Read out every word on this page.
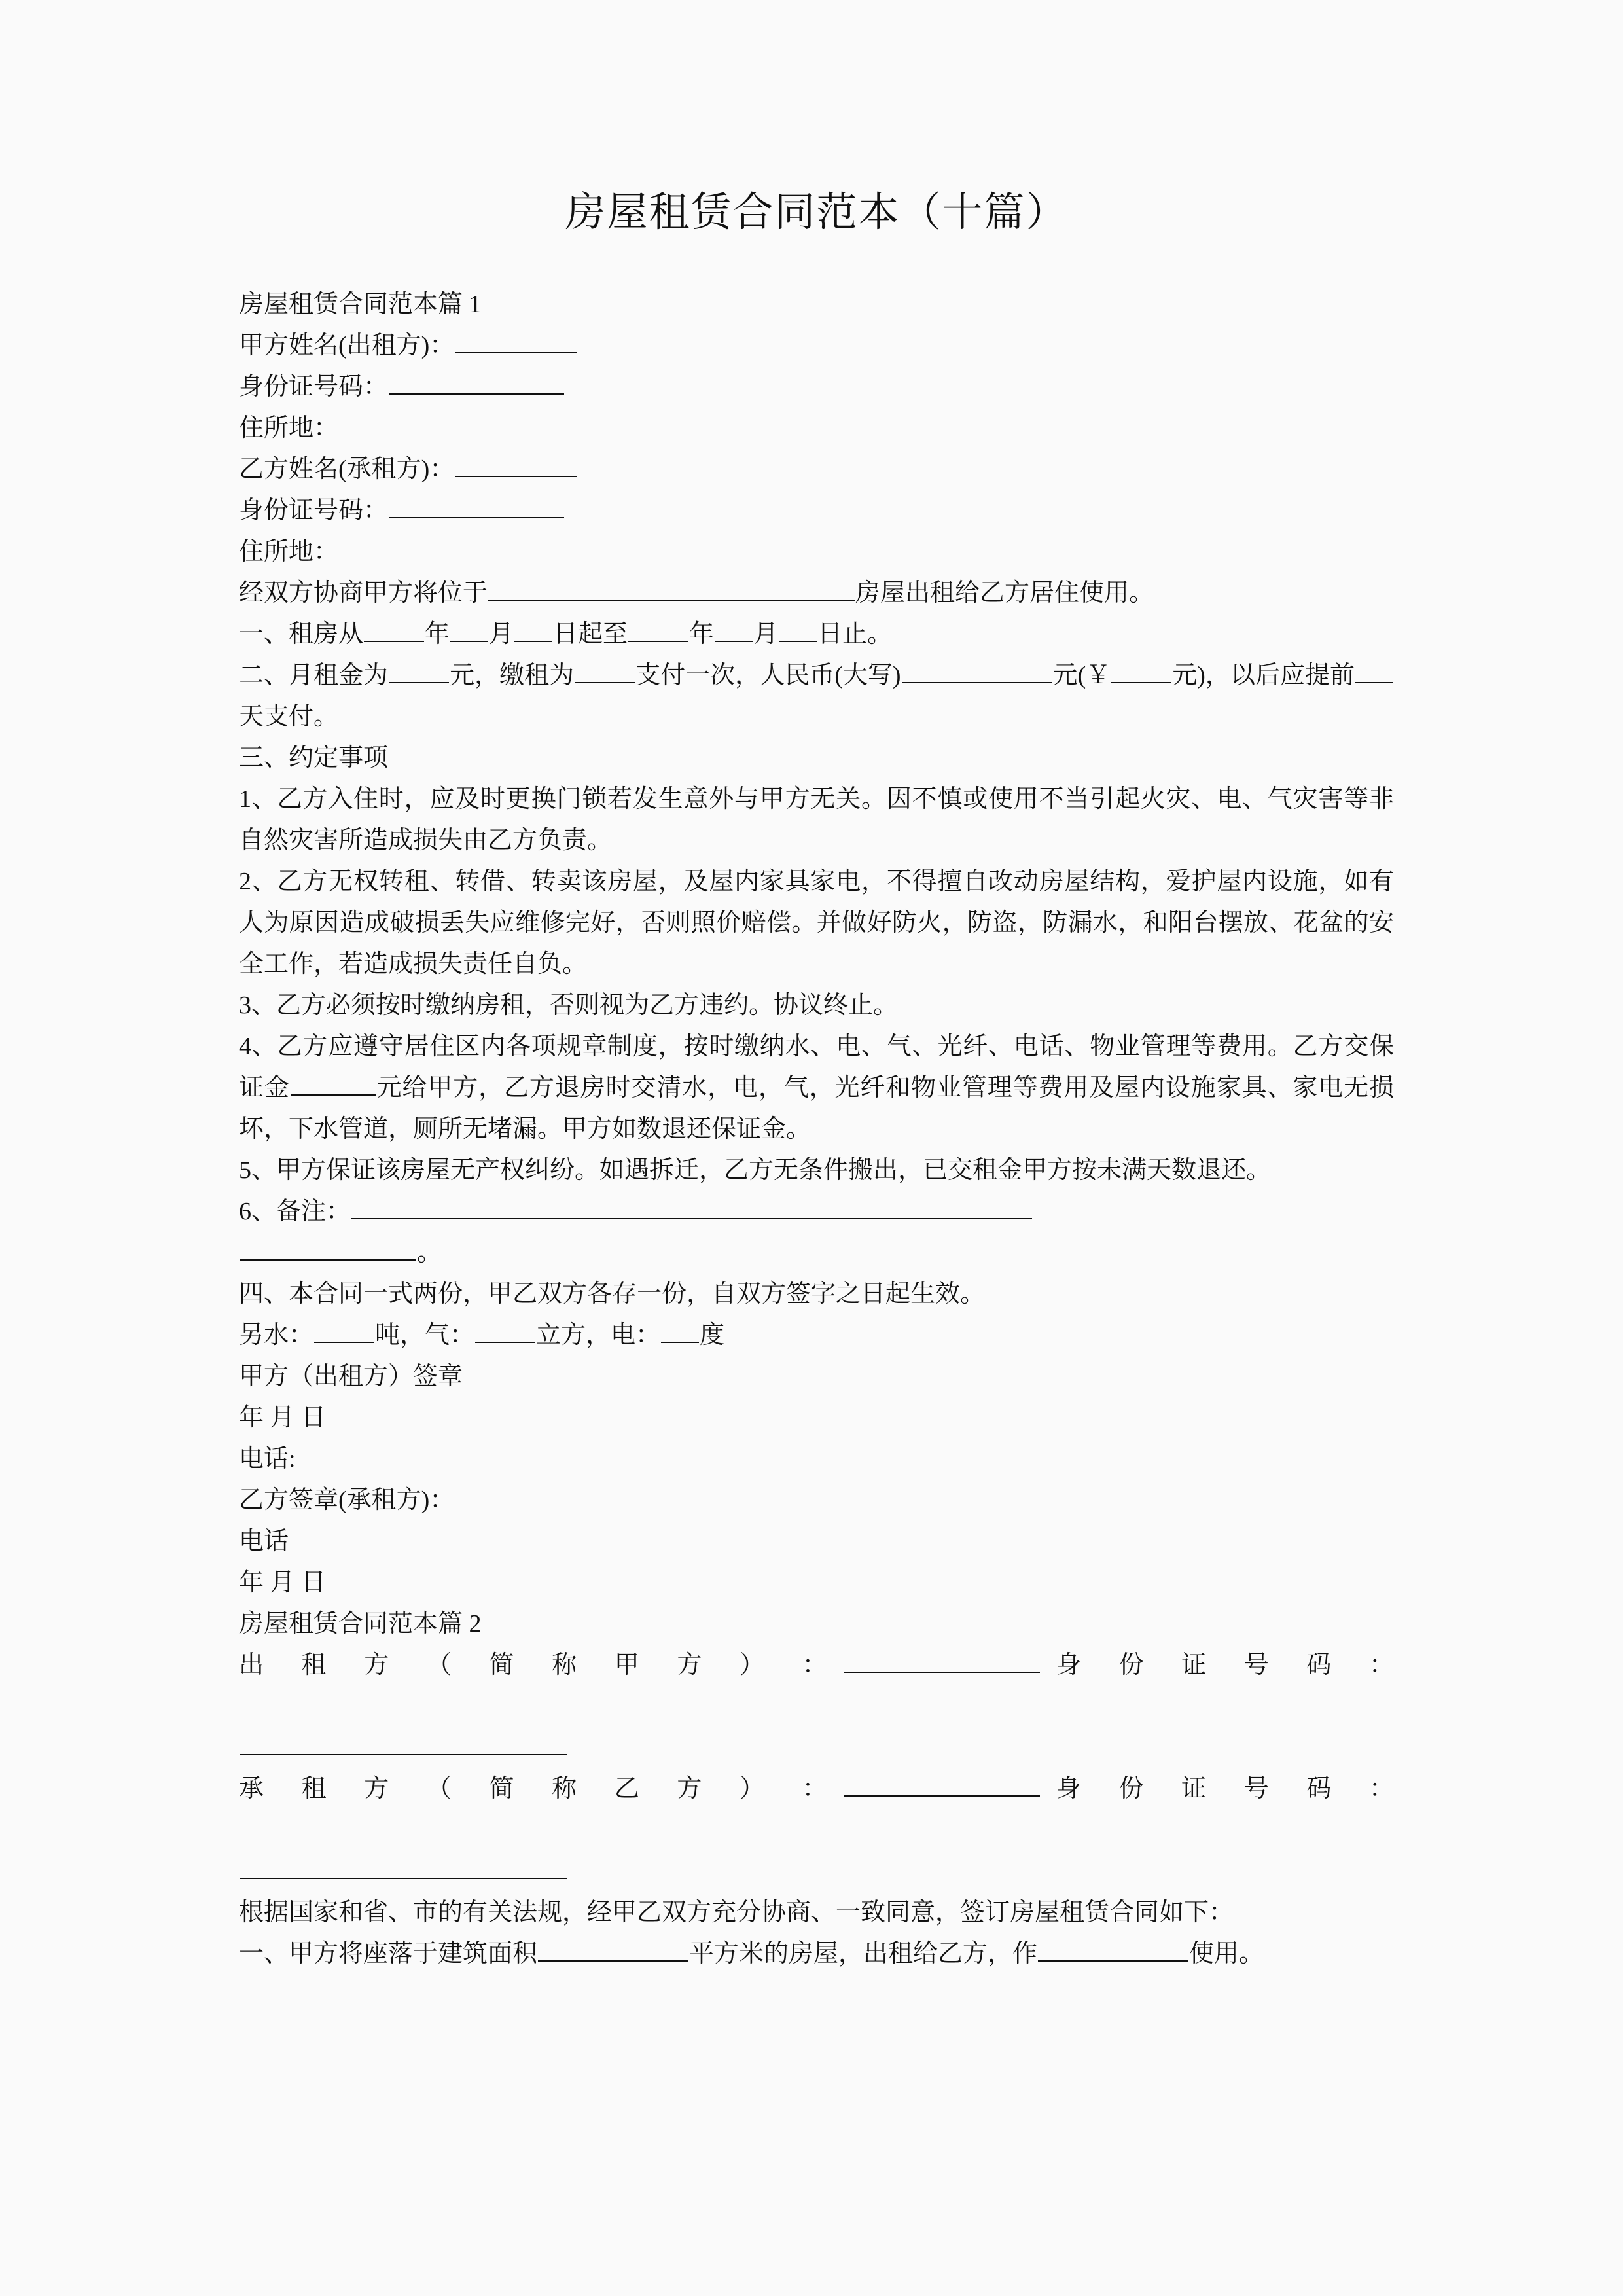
房屋租赁合同范本（十篇）

房屋租赁合同范本篇 1

甲方姓名(出租方)：

身份证号码：

住所地：

乙方姓名(承租方)：

身份证号码：

住所地：

经双方协商甲方将位于	房屋出租给乙方居住使用。

一、租房从 年 月 日起至 年 月 日止。

二、月租金为 元，缴租为 支付一次，人民币(大写)	元(￥ 元)，以后应提前天支付。

三、约定事项

1、乙方入住时，应及时更换门锁若发生意外与甲方无关。因不慎或使用不当引起火灾、电、气灾害等非自然灾害所造成损失由乙方负责。

2、乙方无权转租、转借、转卖该房屋，及屋内家具家电，不得擅自改动房屋结构，爱护屋内设施，如有人为原因造成破损丢失应维修完好，否则照价赔偿。并做好防火，防盗，防漏水，和阳台摆放、花盆的安全工作，若造成损失责任自负。

3、乙方必须按时缴纳房租，否则视为乙方违约。协议终止。

4、乙方应遵守居住区内各项规章制度，按时缴纳水、电、气、光纤、电话、物业管理等费用。乙方交保证金	元给甲方，乙方退房时交清水，电，气，光纤和物业管理等费用及屋内设施家具、家电无损坏，下水管道，厕所无堵漏。甲方如数退还保证金。

5、甲方保证该房屋无产权纠纷。如遇拆迁，乙方无条件搬出，已交租金甲方按未满天数退还。

6、备注：

。

四、本合同一式两份，甲乙双方各存一份，自双方签字之日起生效。

另水： 吨，气： 立方，电： 度

甲方（出租方）签章

年 月 日

电话:

乙方签章(承租方)：

电话

年 月 日

房屋租赁合同范本篇 2

出 租 方 （ 简 称 甲 方 ） ：	身 份 证 号 码 ：

承 租 方 （ 简 称 乙 方 ） ：	身 份 证 号 码 ：

根据国家和省、市的有关法规，经甲乙双方充分协商、一致同意，签订房屋租赁合同如下：

一、甲方将座落于建筑面积	平方米的房屋，出租给乙方，作	使用。
